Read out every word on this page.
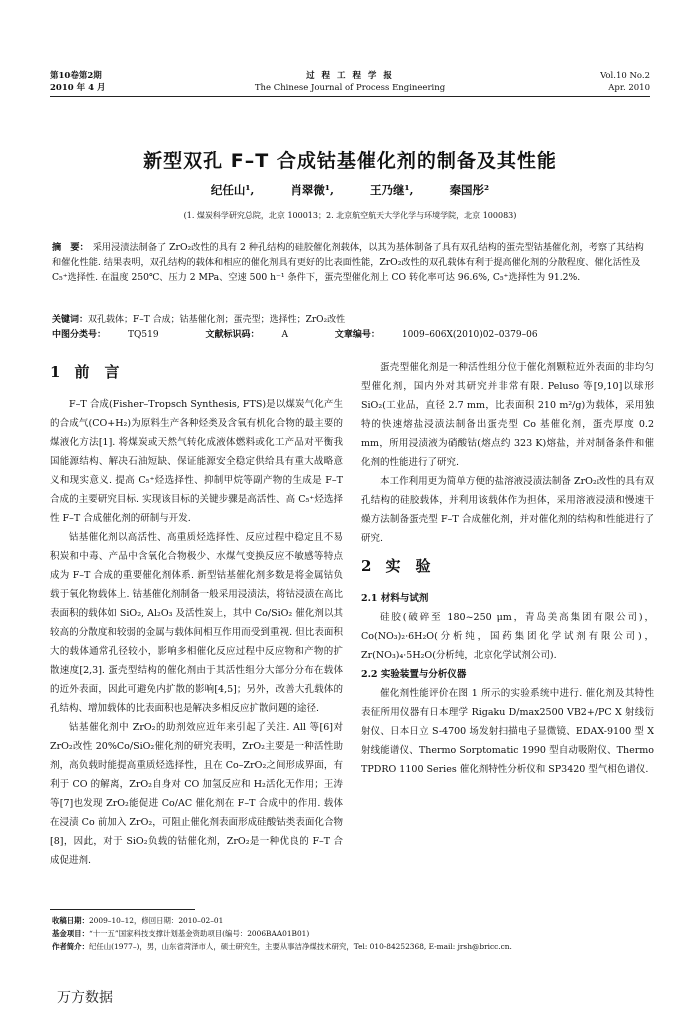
第10卷第2期
2010 年 4 月
过 程 工 程 学 报
The Chinese Journal of Process Engineering
Vol.10 No.2
Apr. 2010
新型双孔 F–T 合成钴基催化剂的制备及其性能
纪任山¹,	肖翠微¹,	王乃继¹,	秦国彤²
(1. 煤炭科学研究总院，北京 100013；2. 北京航空航天大学化学与环境学院，北京 100083)
摘　要： 采用浸渍法制备了 ZrO₂改性的具有 2 种孔结构的硅胶催化剂载体，以其为基体制备了具有双孔结构的蛋壳型钴基催化剂，考察了其结构和催化性能. 结果表明，双孔结构的载体和相应的催化剂具有更好的比表面性能，ZrO₂改性的双孔载体有利于提高催化剂的分散程度、催化活性及 C₅⁺选择性. 在温度 250℃、压力 2 MPa、空速 500 h⁻¹ 条件下，蛋壳型催化剂上 CO 转化率可达 96.6%, C₅⁺选择性为 91.2%.
关键词：双孔载体；F–T 合成；钴基催化剂；蛋壳型；选择性；ZrO₂改性
中图分类号： TQ519	文献标识码： A	文章编号： 1009–606X(2010)02–0379–06
1 前　言

F–T 合成(Fisher–Tropsch Synthesis, FTS)是以煤炭气化产生的合成气(CO+H₂)为原料生产各种烃类及含氧有机化合物的最主要的煤液化方法[1]. 将煤炭或天然气转化成液体燃料或化工产品对平衡我国能源结构、解决石油短缺、保证能源安全稳定供给具有重大战略意义和现实意义. 提高 C₅⁺烃选择性、抑制甲烷等副产物的生成是 F–T 合成的主要研究目标. 实现该目标的关键步骤是高活性、高 C₅⁺烃选择性 F–T 合成催化剂的研制与开发.

钴基催化剂以高活性、高重质烃选择性、反应过程中稳定且不易积炭和中毒、产品中含氧化合物极少、水煤气变换反应不敏感等特点成为 F–T 合成的重要催化剂体系. 新型钴基催化剂多数是将金属钴负载于氧化物载体上. 钴基催化剂制备一般采用浸渍法，将钴浸渍在高比表面积的载体如 SiO₂, Al₂O₃ 及活性炭上，其中 Co/SiO₂ 催化剂以其较高的分散度和较弱的金属与载体间相互作用而受到重视. 但比表面积大的载体通常孔径较小，影响多相催化反应过程中反应物和产物的扩散速度[2,3]. 蛋壳型结构的催化剂由于其活性组分大部分分布在载体的近外表面，因此可避免内扩散的影响[4,5]；另外，改善大孔载体的孔结构、增加载体的比表面积也是解决多相反应扩散问题的途径.

钴基催化剂中 ZrO₂的助剂效应近年来引起了关注. All 等[6]对 ZrO₂改性 20%Co/SiO₂催化剂的研究表明，ZrO₂主要是一种活性助剂，高负载时能提高重质烃选择性，且在 Co–ZrO₂之间形成界面，有利于 CO 的解离，ZrO₂自身对 CO 加氢反应和 H₂活化无作用；王涛等[7]也发现 ZrO₂能促进 Co/AC 催化剂在 F–T 合成中的作用. 载体在浸渍 Co 前加入 ZrO₂，可阻止催化剂表面形成硅酸钴类表面化合物[8]，因此，对于 SiO₂负载的钴催化剂，ZrO₂是一种优良的 F–T 合成促进剂.

蛋壳型催化剂是一种活性组分位于催化剂颗粒近外表面的非均匀型催化剂，国内外对其研究并非常有限. Peluso 等[9,10]以球形 SiO₂(工业品，直径 2.7 mm，比表面积 210 m²/g)为载体，采用独特的快速熔盐浸渍法制备出蛋壳型 Co 基催化剂，蛋壳厚度 0.2 mm，所用浸渍液为硝酸钴(熔点约 323 K)熔盐，并对制备条件和催化剂的性能进行了研究.

本工作利用更为简单方便的盐溶液浸渍法制备 ZrO₂改性的具有双孔结构的硅胶载体，并利用该载体作为担体，采用溶液浸渍和慢速干燥方法制备蛋壳型 F–T 合成催化剂，并对催化剂的结构和性能进行了研究.

2 实　验
2.1 材料与试剂

硅胶(破碎至 180~250 μm，青岛美高集团有限公司)，Co(NO₃)₂·6H₂O(分析纯，国药集团化学试剂有限公司)，Zr(NO₃)₄·5H₂O(分析纯，北京化学试剂公司).

2.2 实验装置与分析仪器

催化剂性能评价在图 1 所示的实验系统中进行. 催化剂及其特性表征所用仪器有日本理学 Rigaku D/max2500 VB2+/PC X 射线衍射仪、日本日立 S-4700 场发射扫描电子显微镜、EDAX-9100 型 X 射线能谱仪、Thermo Sorptomatic 1990 型自动吸附仪、Thermo TPDRO 1100 Series 催化剂特性分析仪和 SP3420 型气相色谱仪.

收稿日期：2009–10–12，修回日期：2010–02–01
基金项目：“十一五”国家科技支撑计划基金资助项目(编号：2006BAA01B01)
作者简介：纪任山(1977–)，男，山东省菏泽市人，硕士研究生，主要从事洁净煤技术研究，Tel: 010-84252368, E-mail: jrsh@bricc.cn.
万方数据
